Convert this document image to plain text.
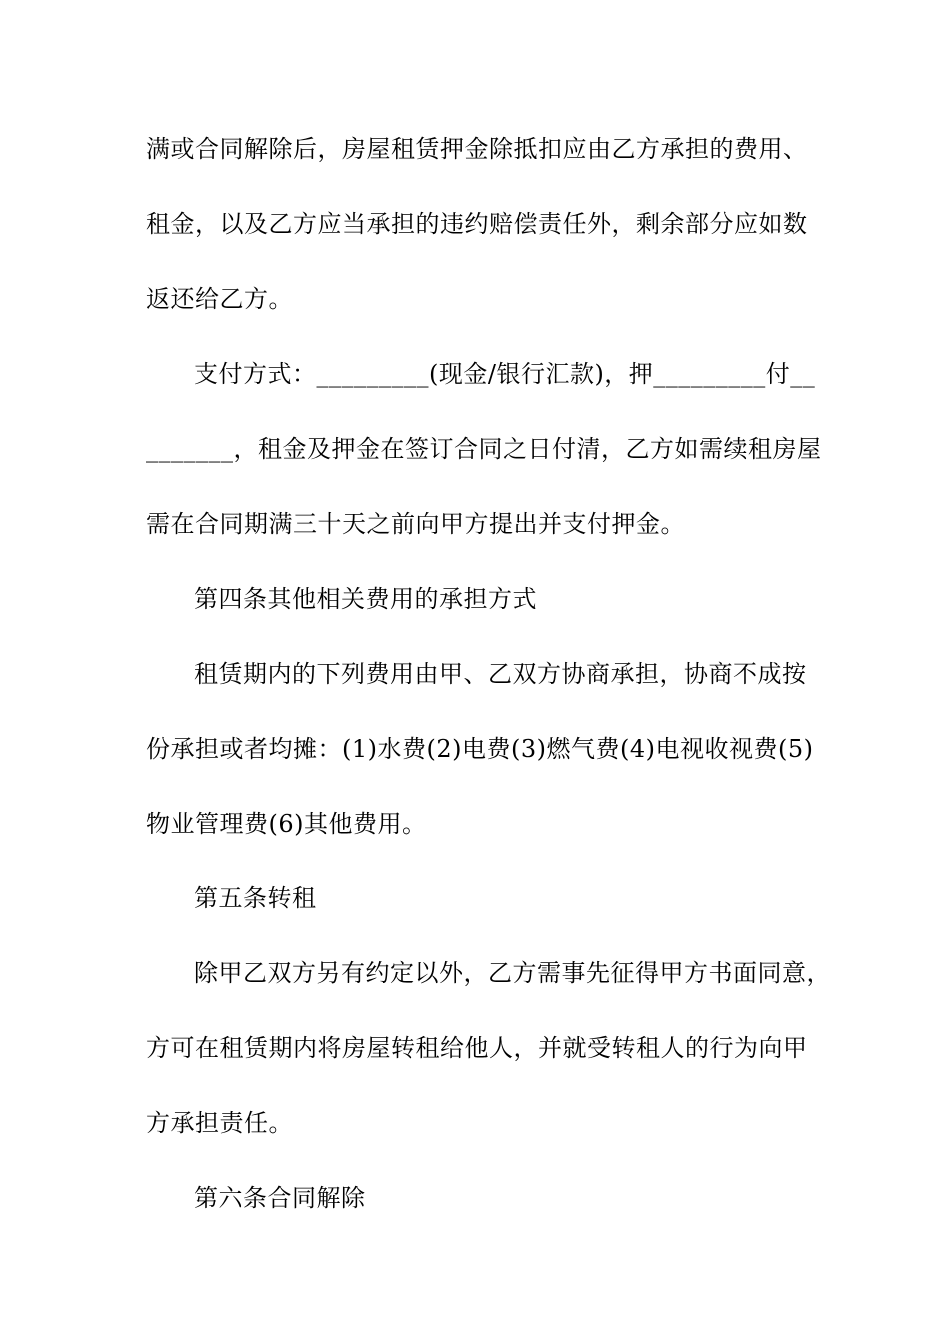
满或合同解除后，房屋租赁押金除抵扣应由乙方承担的费用、
租金，以及乙方应当承担的违约赔偿责任外，剩余部分应如数
返还给乙方。
支付方式：_________(现金/银行汇款)，押_________付__
_______，租金及押金在签订合同之日付清，乙方如需续租房屋
需在合同期满三十天之前向甲方提出并支付押金。
第四条其他相关费用的承担方式
租赁期内的下列费用由甲、乙双方协商承担，协商不成按
份承担或者均摊：(1)水费(2)电费(3)燃气费(4)电视收视费(5)
物业管理费(6)其他费用。
第五条转租
除甲乙双方另有约定以外，乙方需事先征得甲方书面同意，
方可在租赁期内将房屋转租给他人，并就受转租人的行为向甲
方承担责任。
第六条合同解除
